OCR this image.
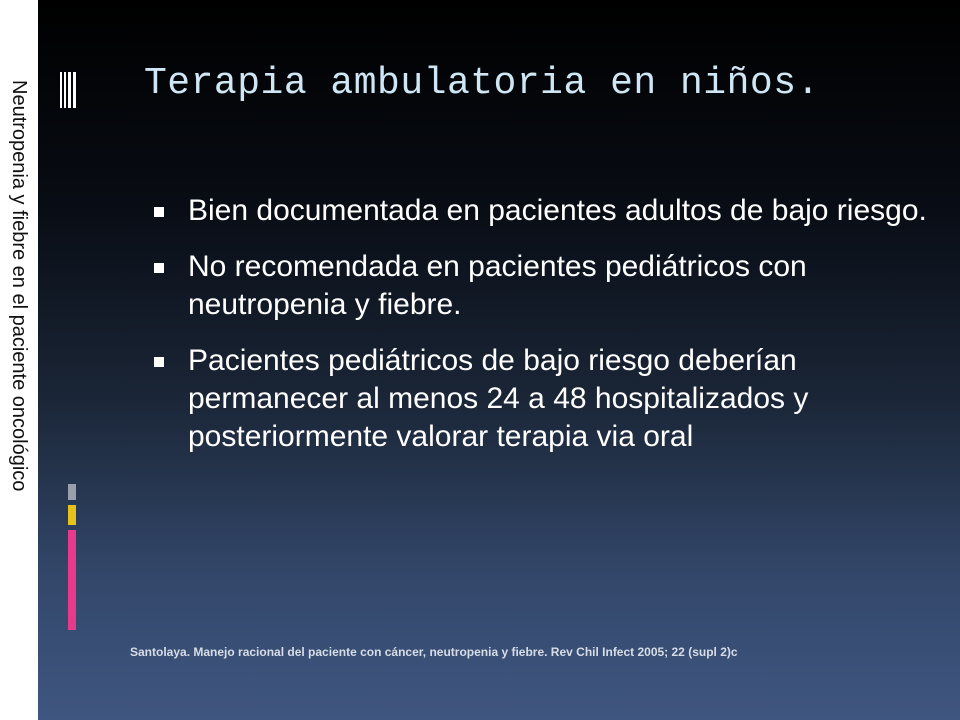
Neutropenia y fiebre en el paciente oncológico	Terapia ambulatoria en niños.
Bien documentada en pacientes adultos de bajo riesgo.
No recomendada en pacientes pediátricos con neutropenia y fiebre.
Pacientes pediátricos de bajo riesgo deberían permanecer al menos 24 a 48 hospitalizados y posteriormente valorar terapia via oral
Santolaya. Manejo racional del paciente con cáncer, neutropenia y fiebre. Rev Chil Infect 2005; 22 (supl 2)c
